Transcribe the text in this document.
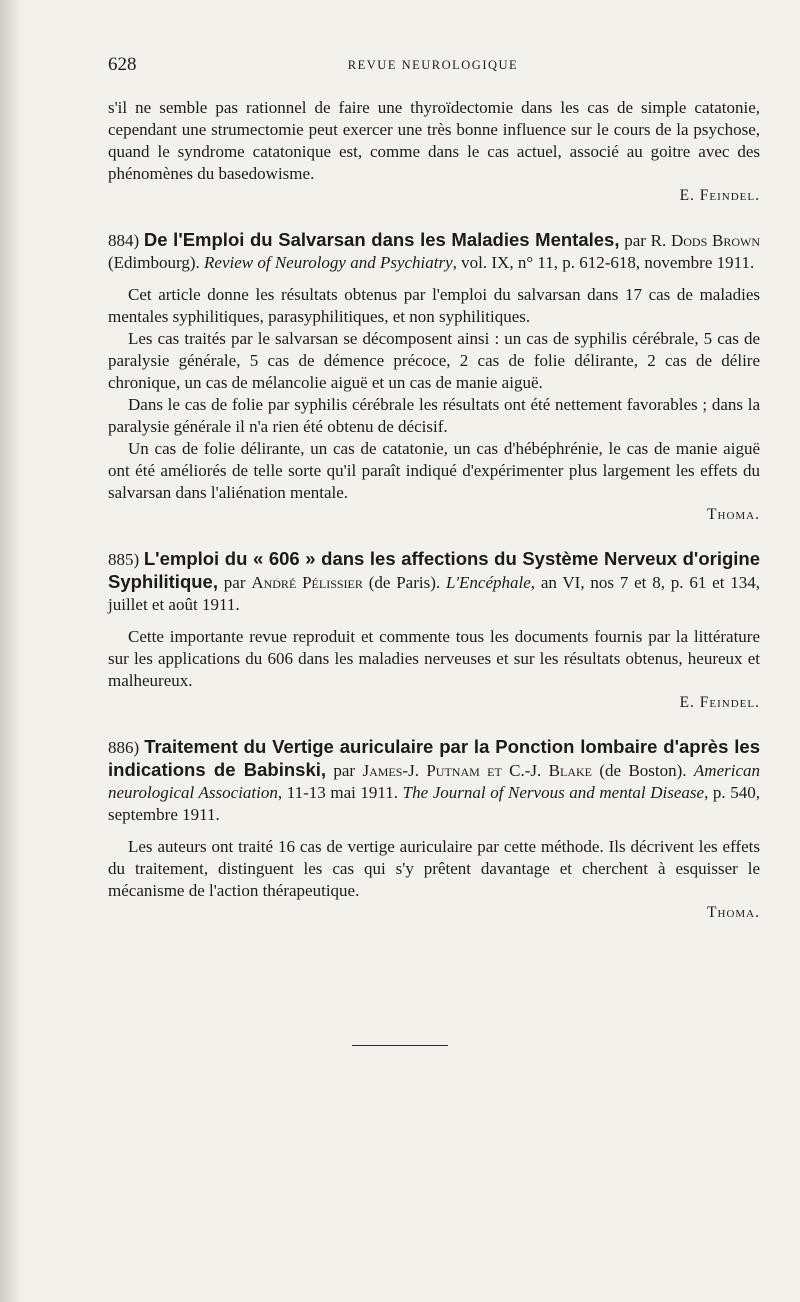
628	REVUE NEUROLOGIQUE

s'il ne semble pas rationnel de faire une thyroïdectomie dans les cas de simple catatonie, cependant une strumectomie peut exercer une très bonne influence sur le cours de la psychose, quand le syndrome catatonique est, comme dans le cas actuel, associé au goitre avec des phénomènes du basedowisme.

E. Feindel.

884) De l'Emploi du Salvarsan dans les Maladies Mentales, par R. Dods Brown (Edimbourg). Review of Neurology and Psychiatry, vol. IX, n° 11, p. 612-618, novembre 1911.

Cet article donne les résultats obtenus par l'emploi du salvarsan dans 17 cas de maladies mentales syphilitiques, parasyphilitiques, et non syphilitiques.

Les cas traités par le salvarsan se décomposent ainsi : un cas de syphilis cérébrale, 5 cas de paralysie générale, 5 cas de démence précoce, 2 cas de folie délirante, 2 cas de délire chronique, un cas de mélancolie aiguë et un cas de manie aiguë.

Dans le cas de folie par syphilis cérébrale les résultats ont été nettement favorables ; dans la paralysie générale il n'a rien été obtenu de décisif.

Un cas de folie délirante, un cas de catatonie, un cas d'hébéphrénie, le cas de manie aiguë ont été améliorés de telle sorte qu'il paraît indiqué d'expérimenter plus largement les effets du salvarsan dans l'aliénation mentale.

Thoma.

885) L'emploi du « 606 » dans les affections du Système Nerveux d'origine Syphilitique, par André Pélissier (de Paris). L'Encéphale, an VI, nos 7 et 8, p. 61 et 134, juillet et août 1911.

Cette importante revue reproduit et commente tous les documents fournis par la littérature sur les applications du 606 dans les maladies nerveuses et sur les résultats obtenus, heureux et malheureux.

E. Feindel.

886) Traitement du Vertige auriculaire par la Ponction lombaire d'après les indications de Babinski, par James-J. Putnam et C.-J. Blake (de Boston). American neurological Association, 11-13 mai 1911. The Journal of Nervous and mental Disease, p. 540, septembre 1911.

Les auteurs ont traité 16 cas de vertige auriculaire par cette méthode. Ils décrivent les effets du traitement, distinguent les cas qui s'y prêtent davantage et cherchent à esquisser le mécanisme de l'action thérapeutique.

Thoma.
